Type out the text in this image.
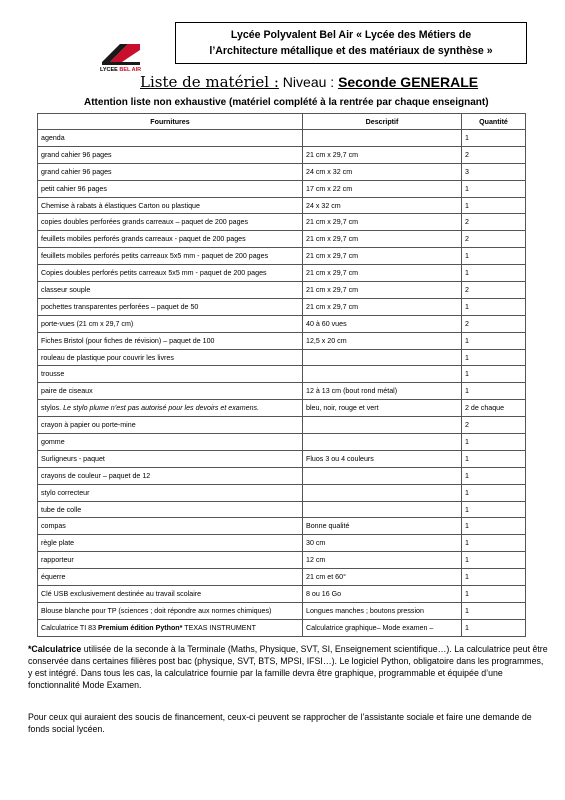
LYCEE BEL AIR
Lycée Polyvalent Bel Air « Lycée des Métiers de
l’Architecture métallique et des matériaux de synthèse »
Liste de matériel : Niveau : Seconde GENERALE
Attention liste non exhaustive (matériel complété à la rentrée par chaque enseignant)
Fournitures	Descriptif	Quantité
agenda		1
grand cahier 96 pages	21 cm x 29,7 cm	2
grand cahier 96 pages	24 cm x 32 cm	3
petit cahier 96 pages	17 cm x 22 cm	1
Chemise à rabats à élastiques Carton ou plastique	24 x 32 cm	1
copies doubles perforées grands carreaux – paquet de 200 pages	21 cm x 29,7 cm	2
feuillets mobiles perforés grands carreaux - paquet de 200 pages	21 cm x 29,7 cm	2
feuillets mobiles perforés petits carreaux 5x5 mm - paquet de 200 pages	21 cm x 29,7 cm	1
Copies doubles perforés petits carreaux 5x5 mm - paquet de 200 pages	21 cm x 29,7 cm	1
classeur souple	21 cm x 29,7 cm	2
pochettes transparentes perforées – paquet de 50	21 cm x 29,7 cm	1
porte-vues (21 cm x 29,7 cm)	40 à 60 vues	2
Fiches Bristol (pour fiches de révision) – paquet de 100	12,5 x 20 cm	1
rouleau de plastique pour couvrir les livres		1
trousse		1
paire de ciseaux	12 à 13 cm (bout rond métal)	1
stylos. Le stylo plume n’est pas autorisé pour les devoirs et examens.	bleu, noir, rouge et vert	2 de chaque
crayon à papier ou porte-mine		2
gomme		1
Surligneurs - paquet	Fluos 3 ou 4 couleurs	1
crayons de couleur – paquet de 12		1
stylo correcteur		1
tube de colle		1
compas	Bonne qualité	1
règle plate	30 cm	1
rapporteur	12 cm	1
équerre	21 cm et 60°	1
Clé USB exclusivement destinée au travail scolaire	8 ou 16 Go	1
Blouse blanche pour TP (sciences ; doit répondre aux normes chimiques)	Longues manches ; boutons pression	1
Calculatrice TI 83 Premium édition Python* TEXAS INSTRUMENT	Calculatrice graphique– Mode examen –	1
*Calculatrice utilisée de la seconde à la Terminale (Maths, Physique, SVT, SI, Enseignement scientifique…). La calculatrice peut être conservée dans certaines filières post bac (physique, SVT, BTS, MPSI, IFSI…). Le logiciel Python, obligatoire dans les programmes, y est intégré. Dans tous les cas, la calculatrice fournie par la famille devra être graphique, programmable et équipée d’une fonctionnalité Mode Examen.
Pour ceux qui auraient des soucis de financement, ceux-ci peuvent se rapprocher de l’assistante sociale et faire une demande de fonds social lycéen.
